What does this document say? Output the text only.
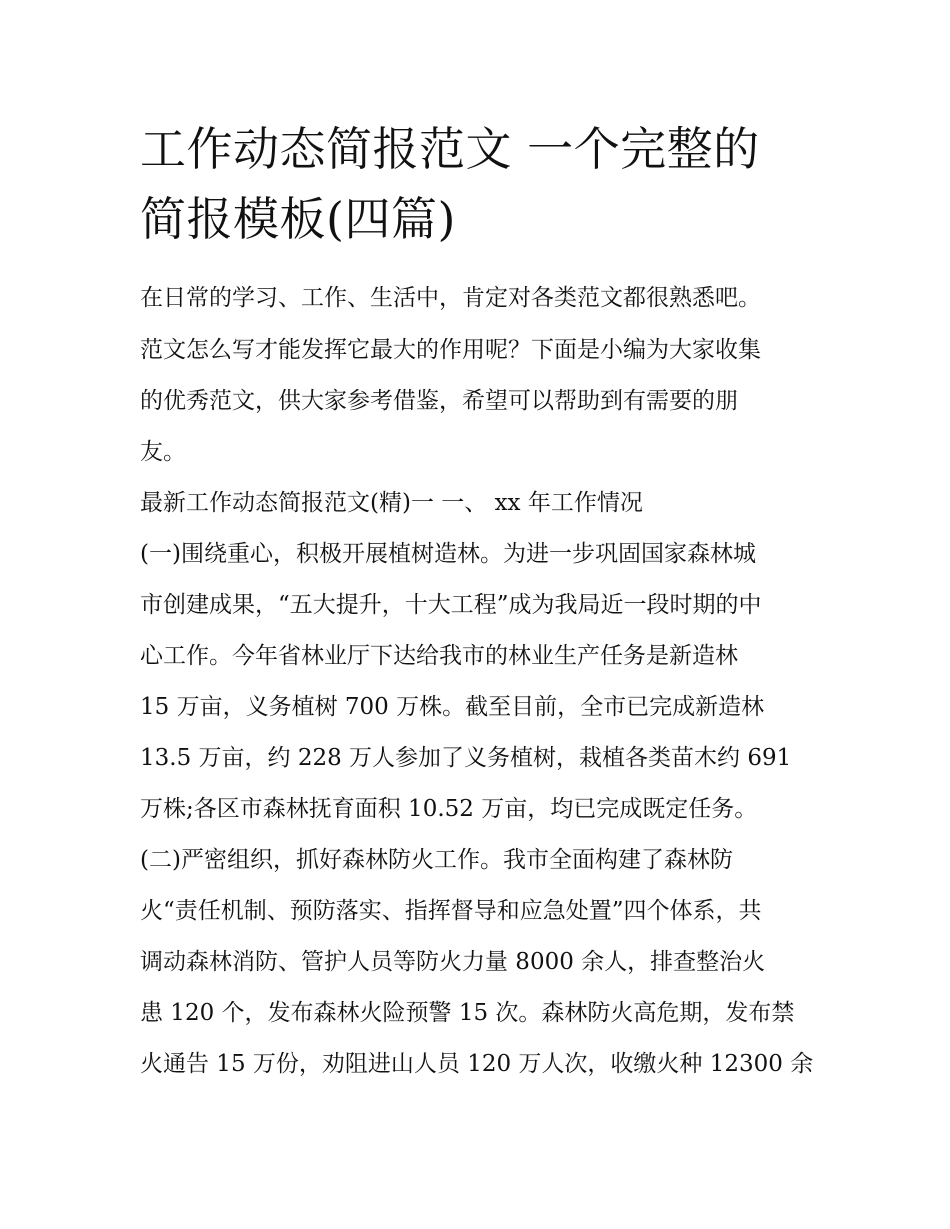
工作动态简报范文 一个完整的
简报模板(四篇)

在日常的学习、工作、生活中，肯定对各类范文都很熟悉吧。

范文怎么写才能发挥它最大的作用呢？下面是小编为大家收集

的优秀范文，供大家参考借鉴，希望可以帮助到有需要的朋

友。

最新工作动态简报范文(精)一 一、 xx 年工作情况

(一)围绕重心，积极开展植树造林。为进一步巩固国家森林城

市创建成果，“五大提升，十大工程”成为我局近一段时期的中

心工作。今年省林业厅下达给我市的林业生产任务是新造林

15 万亩，义务植树 700 万株。截至目前，全市已完成新造林

13.5 万亩，约 228 万人参加了义务植树，栽植各类苗木约 691

万株;各区市森林抚育面积 10.52 万亩，均已完成既定任务。

(二)严密组织，抓好森林防火工作。我市全面构建了森林防

火“责任机制、预防落实、指挥督导和应急处置”四个体系，共

调动森林消防、管护人员等防火力量 8000 余人，排查整治火

患 120 个，发布森林火险预警 15 次。森林防火高危期，发布禁

火通告 15 万份，劝阻进山人员 120 万人次，收缴火种 12300 余
